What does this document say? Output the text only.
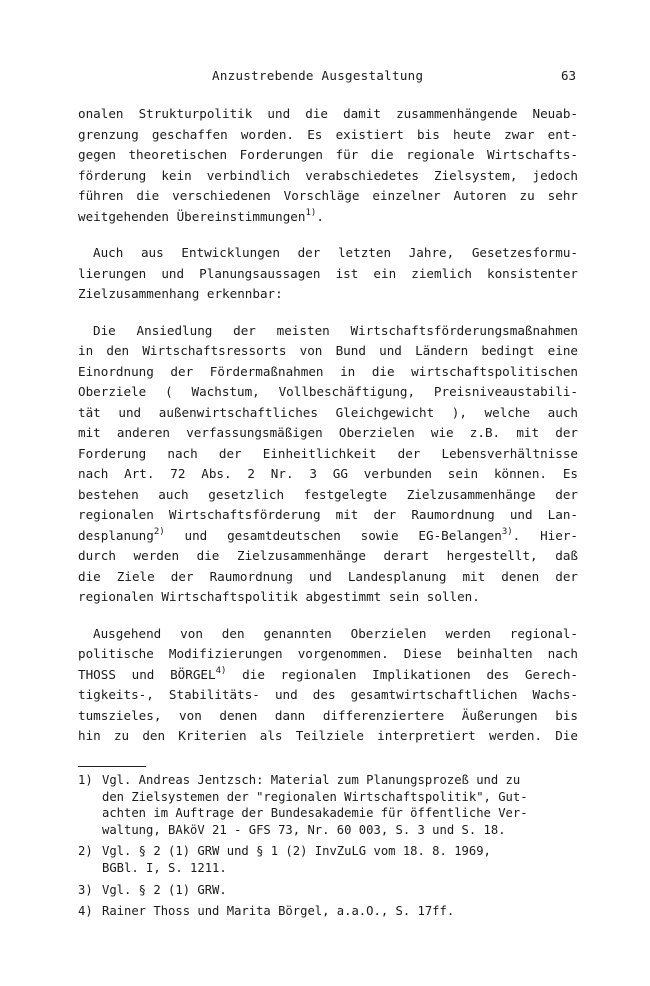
Anzustrebende Ausgestaltung	63

onalen Strukturpolitik und die damit zusammenhängende Neuab-
grenzung geschaffen worden. Es existiert bis heute zwar ent-
gegen theoretischen Forderungen für die regionale Wirtschafts-
förderung kein verbindlich verabschiedetes Zielsystem, jedoch
führen die verschiedenen Vorschläge einzelner Autoren zu sehr
weitgehenden Übereinstimmungen$^{1)}$.

Auch aus Entwicklungen der letzten Jahre, Gesetzesformu-
lierungen und Planungsaussagen ist ein ziemlich konsistenter
Zielzusammenhang erkennbar:

Die Ansiedlung der meisten Wirtschaftsförderungsmaßnahmen
in den Wirtschaftsressorts von Bund und Ländern bedingt eine
Einordnung der Fördermaßnahmen in die wirtschaftspolitischen
Oberziele ( Wachstum, Vollbeschäftigung, Preisniveaustabili-
tät und außenwirtschaftliches Gleichgewicht ), welche auch
mit anderen verfassungsmäßigen Oberzielen wie z.B. mit der
Forderung nach der Einheitlichkeit der Lebensverhältnisse
nach Art. 72 Abs. 2 Nr. 3 GG verbunden sein können. Es
bestehen auch gesetzlich festgelegte Zielzusammenhänge der
regionalen Wirtschaftsförderung mit der Raumordnung und Lan-
desplanung$^{2)}$ und gesamtdeutschen sowie EG-Belangen$^{3)}$. Hier-
durch werden die Zielzusammenhänge derart hergestellt, daß
die Ziele der Raumordnung und Landesplanung mit denen der
regionalen Wirtschaftspolitik abgestimmt sein sollen.

Ausgehend von den genannten Oberzielen werden regional-
politische Modifizierungen vorgenommen. Diese beinhalten nach
THOSS und BÖRGEL$^{4)}$ die regionalen Implikationen des Gerech-
tigkeits-, Stabilitäts- und des gesamtwirtschaftlichen Wachs-
tumszieles, von denen dann differenziertere Äußerungen bis
hin zu den Kriterien als Teilziele interpretiert werden. Die

1) Vgl. Andreas Jentzsch: Material zum Planungsprozeß und zu
den Zielsystemen der "regionalen Wirtschaftspolitik", Gut-
achten im Auftrage der Bundesakademie für öffentliche Ver-
waltung, BAköV 21 - GFS 73, Nr. 60 003, S. 3 und S. 18.
2) Vgl. § 2 (1) GRW und § 1 (2) InvZuLG vom 18. 8. 1969,
BGBl. I, S. 1211.
3) Vgl. § 2 (1) GRW.
4) Rainer Thoss und Marita Börgel, a.a.O., S. 17ff.
